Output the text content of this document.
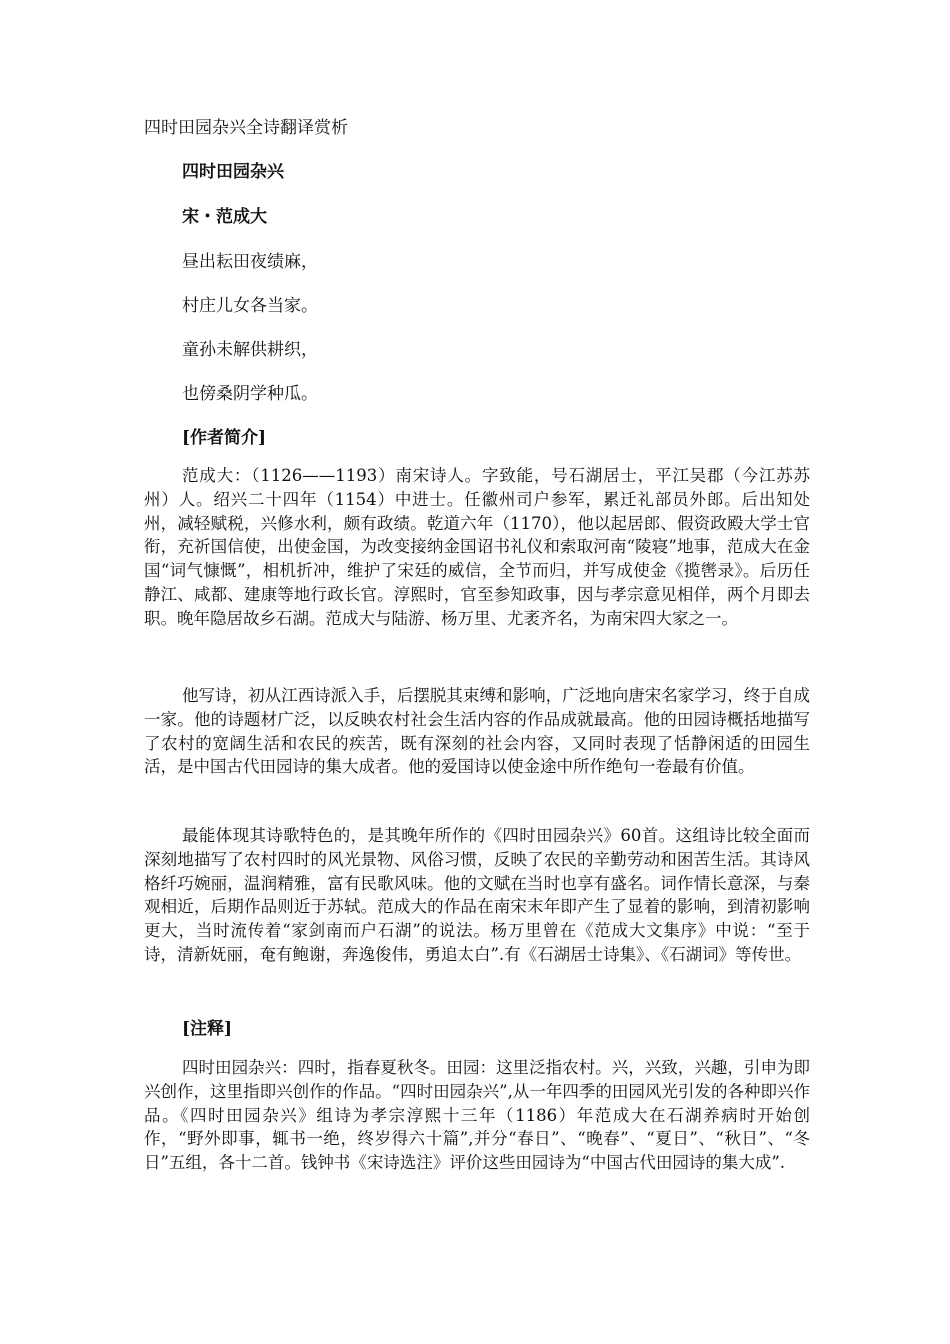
四时田园杂兴全诗翻译赏析
四时田园杂兴
宋・范成大
昼出耘田夜绩麻，
村庄儿女各当家。
童孙未解供耕织，
也傍桑阴学种瓜。
[作者简介]

范成大：（1126——1193）南宋诗人。字致能，号石湖居士，平江吴郡（今江苏苏州）人。绍兴二十四年（1154）中进士。任徽州司户参军，累迁礼部员外郎。后出知处州，减轻赋税，兴修水利，颇有政绩。乾道六年（1170），他以起居郎、假资政殿大学士官衔，充祈国信使，出使金国，为改变接纳金国诏书礼仪和索取河南“陵寝”地事，范成大在金国“词气慷慨”，相机折冲，维护了宋廷的威信，全节而归，并写成使金《揽辔录》。后历任静江、咸都、建康等地行政长官。淳熙时，官至参知政事，因与孝宗意见相佯，两个月即去职。晚年隐居故乡石湖。范成大与陆游、杨万里、尤袤齐名，为南宋四大家之一。

他写诗，初从江西诗派入手，后摆脱其束缚和影响，广泛地向唐宋名家学习，终于自成一家。他的诗题材广泛，以反映农村社会生活内容的作品成就最高。他的田园诗概括地描写了农村的宽阔生活和农民的疾苦，既有深刻的社会内容，又同时表现了恬静闲适的田园生活，是中国古代田园诗的集大成者。他的爱国诗以使金途中所作绝句一卷最有价值。

最能体现其诗歌特色的，是其晚年所作的《四时田园杂兴》60首。这组诗比较全面而深刻地描写了农村四时的风光景物、风俗习惯，反映了农民的辛勤劳动和困苦生活。其诗风格纤巧婉丽，温润精雅，富有民歌风味。他的文赋在当时也享有盛名。词作情长意深，与秦观相近，后期作品则近于苏轼。范成大的作品在南宋末年即产生了显着的影响，到清初影响更大，当时流传着“家剑南而户石湖”的说法。杨万里曾在《范成大文集序》中说：“至于诗，清新妩丽，奄有鲍谢，奔逸俊伟，勇追太白”.有《石湖居士诗集》、《石湖词》等传世。

[注释]

四时田园杂兴：四时，指春夏秋冬。田园：这里泛指农村。兴，兴致，兴趣，引申为即兴创作，这里指即兴创作的作品。“四时田园杂兴”,从一年四季的田园风光引发的各种即兴作品。《四时田园杂兴》组诗为孝宗淳熙十三年（1186）年范成大在石湖养病时开始创作，“野外即事，辄书一绝，终岁得六十篇”,并分“春日”、“晚春”、“夏日”、“秋日”、“冬日”五组，各十二首。钱钟书《宋诗选注》评价这些田园诗为“中国古代田园诗的集大成”.
